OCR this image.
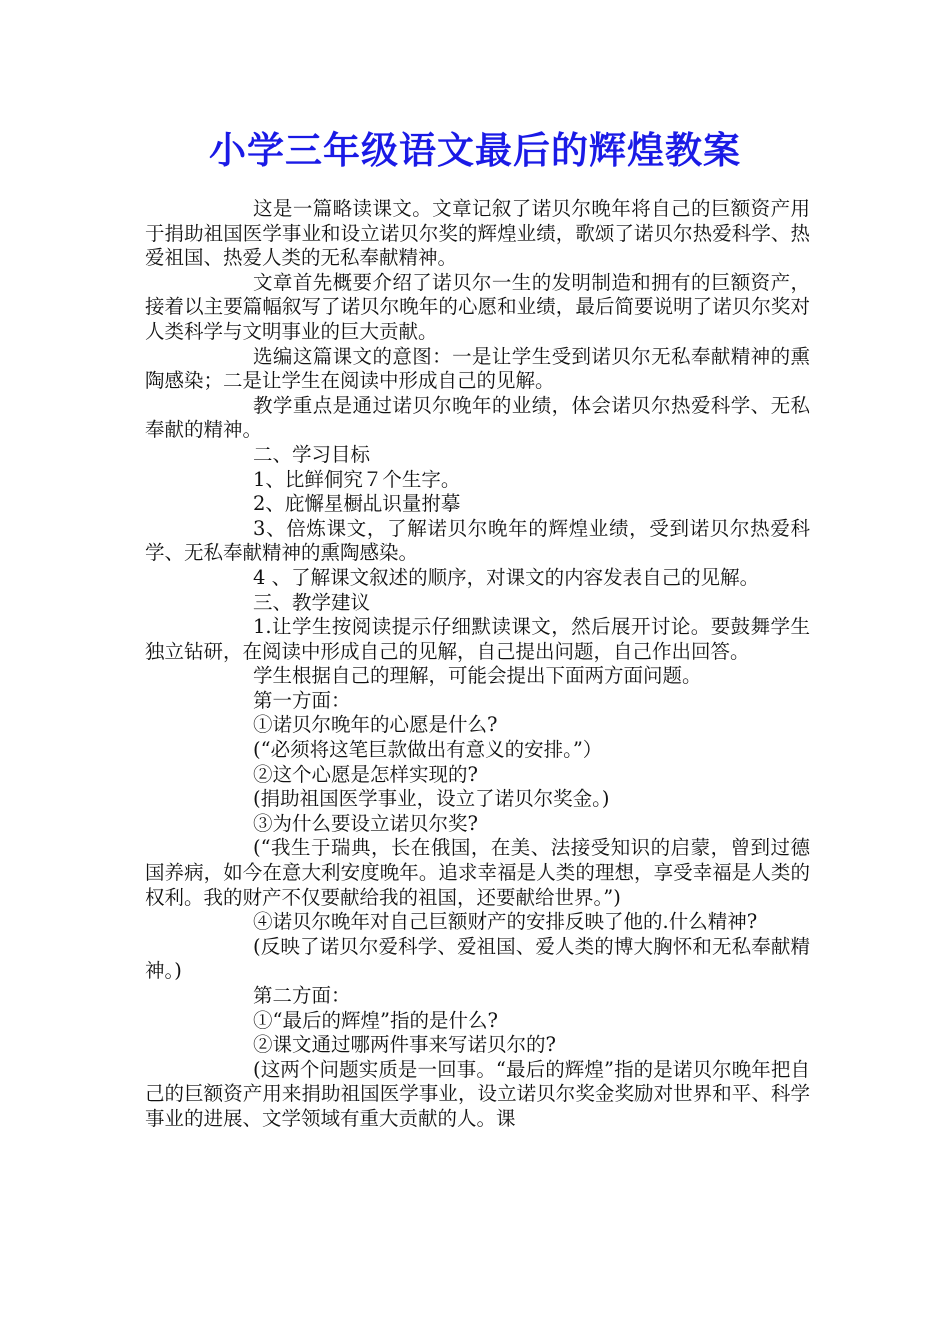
小学三年级语文最后的辉煌教案

这是一篇略读课文。文章记叙了诺贝尔晚年将自己的巨额资产用于捐助祖国医学事业和设立诺贝尔奖的辉煌业绩，歌颂了诺贝尔热爱科学、热爱祖国、热爱人类的无私奉献精神。

文章首先概要介绍了诺贝尔一生的发明制造和拥有的巨额资产，接着以主要篇幅叙写了诺贝尔晚年的心愿和业绩，最后简要说明了诺贝尔奖对人类科学与文明事业的巨大贡献。

选编这篇课文的意图：一是让学生受到诺贝尔无私奉献精神的熏陶感染；二是让学生在阅读中形成自己的见解。

教学重点是通过诺贝尔晚年的业绩，体会诺贝尔热爱科学、无私奉献的精神。

二、学习目标

1、比鲜侗究７个生字。

2、庇懈星橱乩识量拊摹

3、倍炼课文，了解诺贝尔晚年的辉煌业绩，受到诺贝尔热爱科学、无私奉献精神的熏陶感染。

4 、了解课文叙述的顺序，对课文的内容发表自己的见解。

三、教学建议

1.让学生按阅读提示仔细默读课文，然后展开讨论。要鼓舞学生独立钻研，在阅读中形成自己的见解，自己提出问题，自己作出回答。

学生根据自己的理解，可能会提出下面两方面问题。

第一方面：

①诺贝尔晚年的心愿是什么?

(“必须将这笔巨款做出有意义的安排。”）

②这个心愿是怎样实现的?

(捐助祖国医学事业，设立了诺贝尔奖金。)

③为什么要设立诺贝尔奖?

(“我生于瑞典，长在俄国，在美、法接受知识的启蒙，曾到过德国养病，如今在意大利安度晚年。追求幸福是人类的理想，享受幸福是人类的权利。我的财产不仅要献给我的祖国，还要献给世界。”)

④诺贝尔晚年对自己巨额财产的安排反映了他的.什么精神?

(反映了诺贝尔爱科学、爱祖国、爱人类的博大胸怀和无私奉献精神。)

第二方面：

①“最后的辉煌”指的是什么?

②课文通过哪两件事来写诺贝尔的?

(这两个问题实质是一回事。“最后的辉煌”指的是诺贝尔晚年把自己的巨额资产用来捐助祖国医学事业，设立诺贝尔奖金奖励对世界和平、科学事业的进展、文学领域有重大贡献的人。课
